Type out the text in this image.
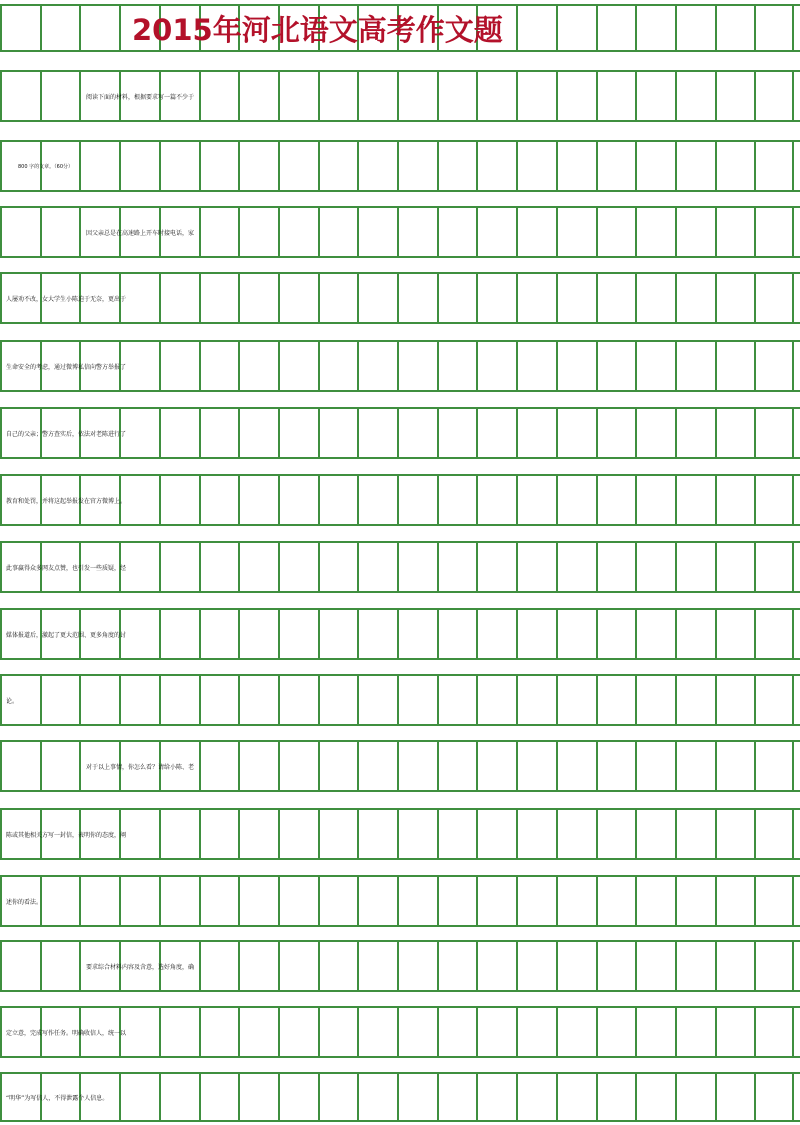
2015年河北语文高考作文题
阅读下面的材料，根据要求写一篇不少于
800 字的文章。（60分）
因父亲总是在高速路上开车时接电话，家
人屡劝不改，女大学生小陈迫于无奈，更出于
生命安全的考虑，通过微博私信向警方举报了
自己的父亲；警方查实后，依法对老陈进行了
教育和处罚，并将这起举报发在官方微博上。
此事赢得众多网友点赞，也引发一些质疑，经
媒体报道后，激起了更大范围、更多角度的讨
论。
对于以上事情，你怎么看？请给小陈、老
陈或其他相关方写一封信，表明你的态度，阐
述你的看法。
要求综合材料内容及含意，选好角度，确
定立意，完成写作任务。明确收信人，统一以
“明华”为写信人，不得泄露个人信息。
